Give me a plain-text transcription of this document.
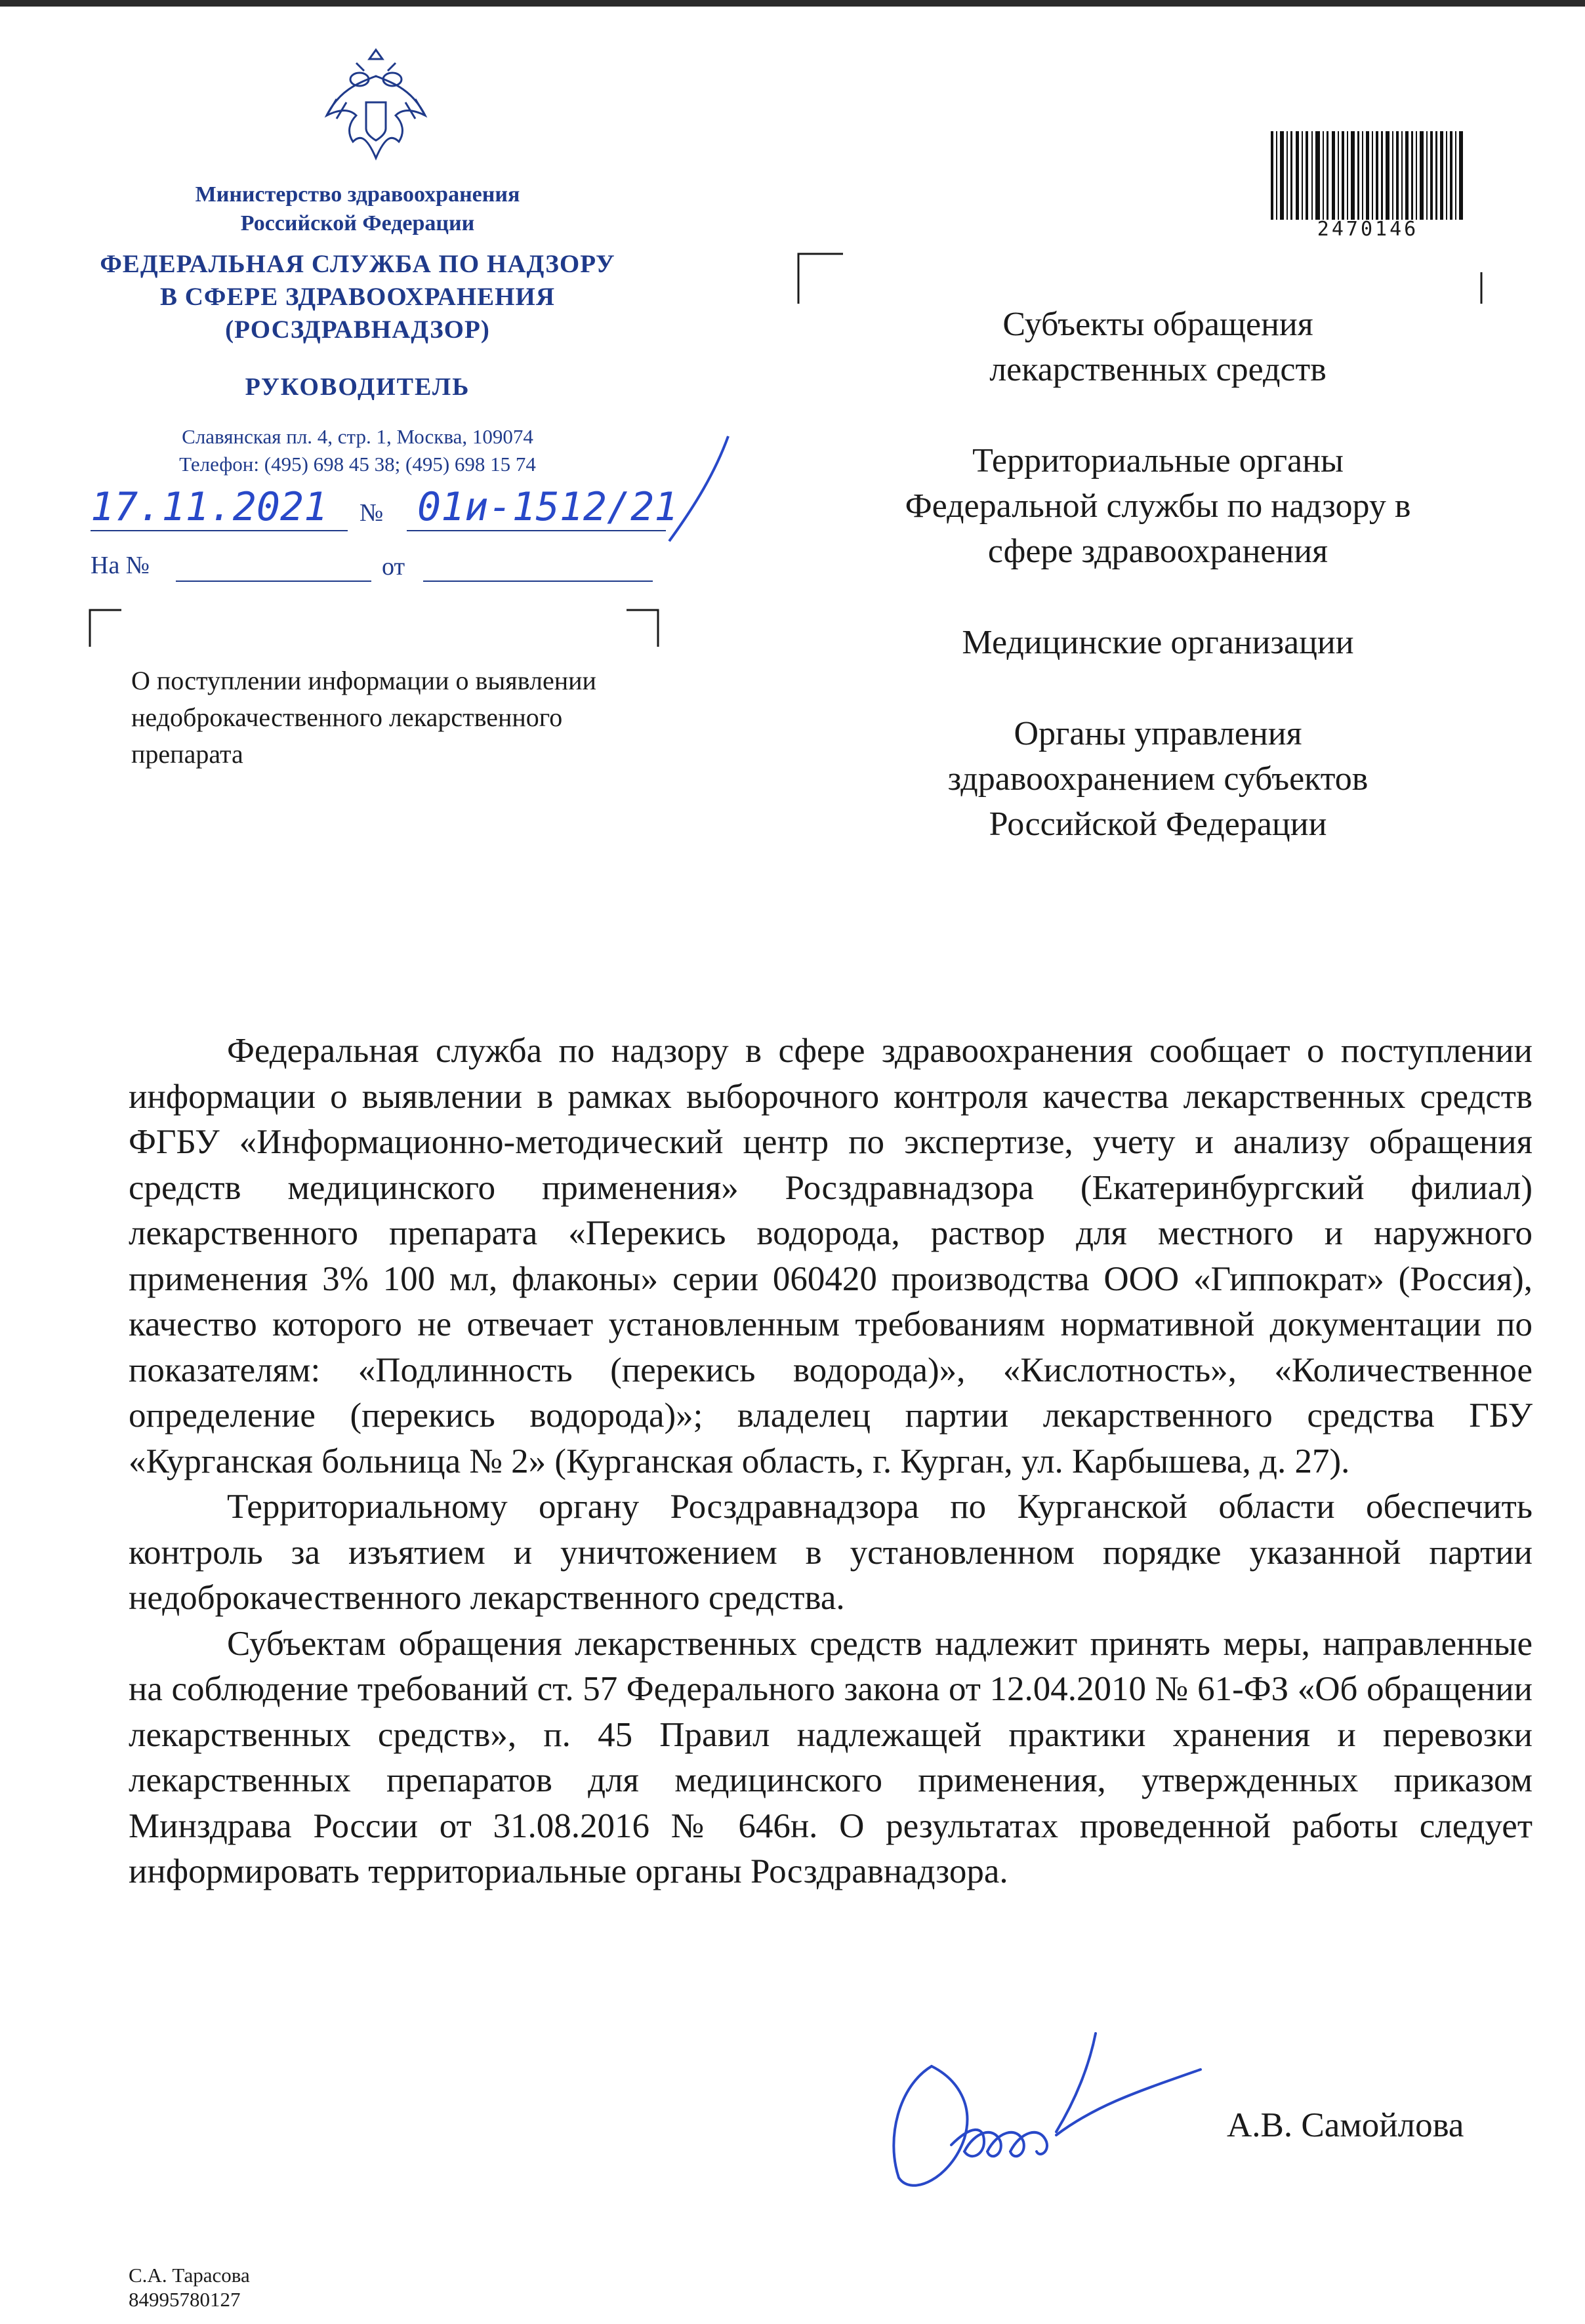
Министерство здравоохранения
Российской Федерации
ФЕДЕРАЛЬНАЯ СЛУЖБА ПО НАДЗОРУ
В СФЕРЕ ЗДРАВООХРАНЕНИЯ
(РОСЗДРАВНАДЗОР)
РУКОВОДИТЕЛЬ
Славянская пл. 4, стр. 1, Москва, 109074
Телефон: (495) 698 45 38; (495) 698 15 74
17.11.2021 № 01и-1512/21
На №	от
О поступлении информации о выявлении
недоброкачественного лекарственного
препарата
2470146
Субъекты обращения
лекарственных средств
Территориальные органы
Федеральной службы по надзору в
сфере здравоохранения
Медицинские организации
Органы управления
здравоохранением субъектов
Российской Федерации

Федеральная служба по надзору в сфере здравоохранения сообщает о поступлении информации о выявлении в рамках выборочного контроля качества лекарственных средств ФГБУ «Информационно-методический центр по экспертизе, учету и анализу обращения средств медицинского применения» Росздравнадзора (Екатеринбургский филиал) лекарственного препарата «Перекись водорода, раствор для местного и наружного применения 3% 100 мл, флаконы» серии 060420 производства ООО «Гиппократ» (Россия), качество которого не отвечает установленным требованиям нормативной документации по показателям: «Подлинность (перекись водорода)», «Кислотность», «Количественное определение (перекись водорода)»; владелец партии лекарственного средства ГБУ «Курганская больница № 2» (Курганская область, г. Курган, ул. Карбышева, д. 27).

Территориальному органу Росздравнадзора по Курганской области обеспечить контроль за изъятием и уничтожением в установленном порядке указанной партии недоброкачественного лекарственного средства.

Субъектам обращения лекарственных средств надлежит принять меры, направленные на соблюдение требований ст. 57 Федерального закона от 12.04.2010 № 61-ФЗ «Об обращении лекарственных средств», п. 45 Правил надлежащей практики хранения и перевозки лекарственных препаратов для медицинского применения, утвержденных приказом Минздрава России от 31.08.2016 № 646н. О результатах проведенной работы следует информировать территориальные органы Росздравнадзора.

А.В. Самойлова
С.А. Тарасова
84995780127
